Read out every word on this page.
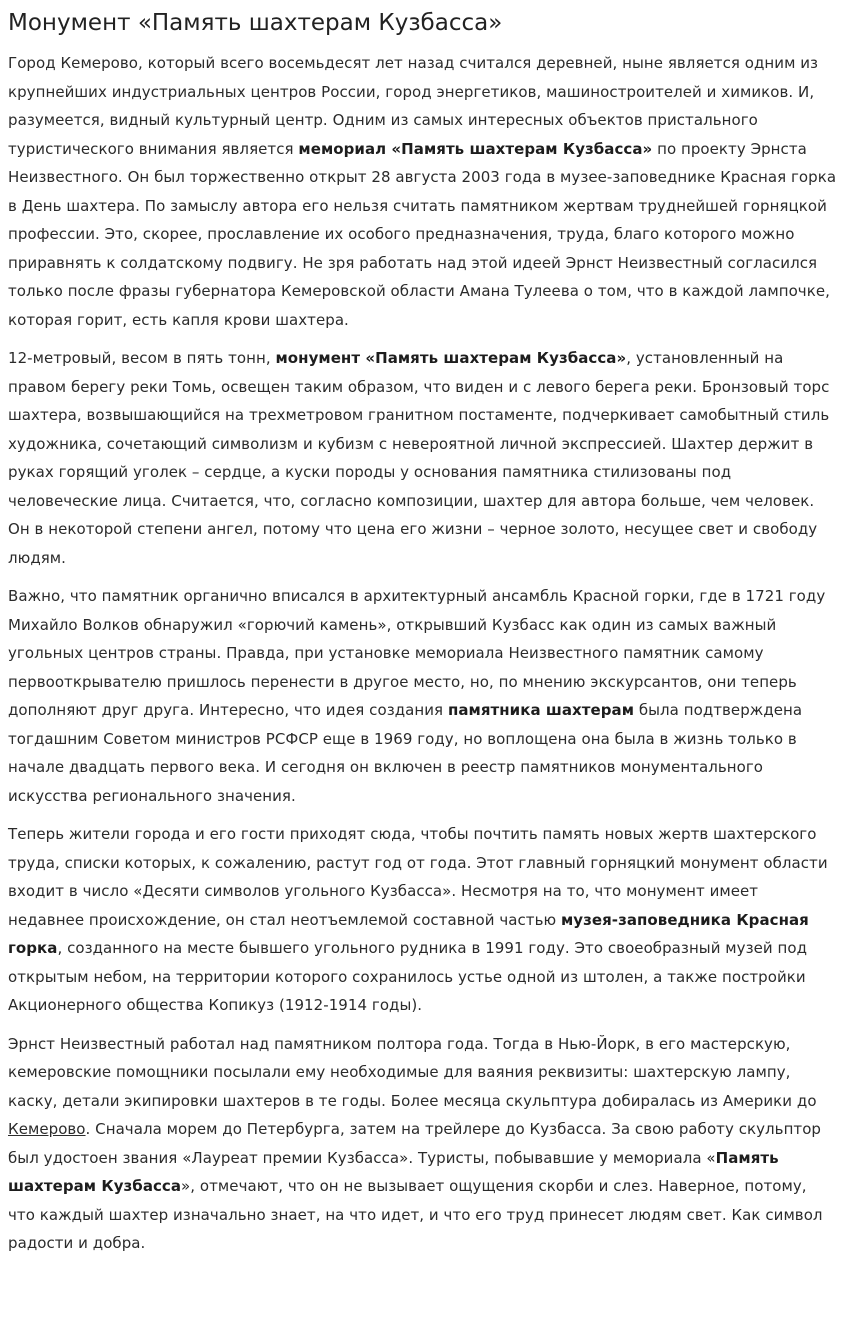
Монумент «Память шахтерам Кузбасса»

Город Кемерово, который всего восемьдесят лет назад считался деревней, ныне является одним из крупнейших индустриальных центров России, город энергетиков, машиностроителей и химиков. И, разумеется, видный культурный центр. Одним из самых интересных объектов пристального туристического внимания является мемориал «Память шахтерам Кузбасса» по проекту Эрнста Неизвестного. Он был торжественно открыт 28 августа 2003 года в музее-заповеднике Красная горка в День шахтера. По замыслу автора его нельзя считать памятником жертвам труднейшей горняцкой профессии. Это, скорее, прославление их особого предназначения, труда, благо которого можно приравнять к солдатскому подвигу. Не зря работать над этой идеей Эрнст Неизвестный согласился только после фразы губернатора Кемеровской области Амана Тулеева о том, что в каждой лампочке, которая горит, есть капля крови шахтера.

12-метровый, весом в пять тонн, монумент «Память шахтерам Кузбасса», установленный на правом берегу реки Томь, освещен таким образом, что виден и с левого берега реки. Бронзовый торс шахтера, возвышающийся на трехметровом гранитном постаменте, подчеркивает самобытный стиль художника, сочетающий символизм и кубизм с невероятной личной экспрессией. Шахтер держит в руках горящий уголек – сердце, а куски породы у основания памятника стилизованы под человеческие лица. Считается, что, согласно композиции, шахтер для автора больше, чем человек. Он в некоторой степени ангел, потому что цена его жизни – черное золото, несущее свет и свободу людям.

Важно, что памятник органично вписался в архитектурный ансамбль Красной горки, где в 1721 году Михайло Волков обнаружил «горючий камень», открывший Кузбасс как один из самых важный угольных центров страны. Правда, при установке мемориала Неизвестного памятник самому первооткрывателю пришлось перенести в другое место, но, по мнению экскурсантов, они теперь дополняют друг друга. Интересно, что идея создания памятника шахтерам была подтверждена тогдашним Советом министров РСФСР еще в 1969 году, но воплощена она была в жизнь только в начале двадцать первого века. И сегодня он включен в реестр памятников монументального искусства регионального значения.

Теперь жители города и его гости приходят сюда, чтобы почтить память новых жертв шахтерского труда, списки которых, к сожалению, растут год от года. Этот главный горняцкий монумент области входит в число «Десяти символов угольного Кузбасса». Несмотря на то, что монумент имеет недавнее происхождение, он стал неотъемлемой составной частью музея-заповедника Красная горка, созданного на месте бывшего угольного рудника в 1991 году. Это своеобразный музей под открытым небом, на территории которого сохранилось устье одной из штолен, а также постройки Акционерного общества Копикуз (1912-1914 годы).

Эрнст Неизвестный работал над памятником полтора года. Тогда в Нью-Йорк, в его мастерскую, кемеровские помощники посылали ему необходимые для ваяния реквизиты: шахтерскую лампу, каску, детали экипировки шахтеров в те годы. Более месяца скульптура добиралась из Америки до Кемерово. Сначала морем до Петербурга, затем на трейлере до Кузбасса. За свою работу скульптор был удостоен звания «Лауреат премии Кузбасса». Туристы, побывавшие у мемориала «Память шахтерам Кузбасса», отмечают, что он не вызывает ощущения скорби и слез. Наверное, потому, что каждый шахтер изначально знает, на что идет, и что его труд принесет людям свет. Как символ радости и добра.
